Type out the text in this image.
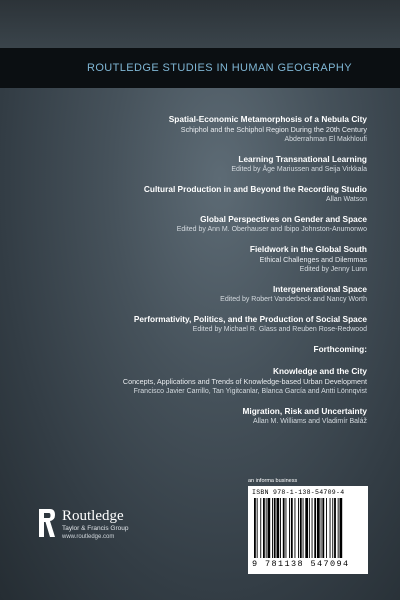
ROUTLEDGE STUDIES IN HUMAN GEOGRAPHY
Spatial-Economic Metamorphosis of a Nebula City
Schiphol and the Schiphol Region During the 20th Century
Abderrahman El Makhloufi
Learning Transnational Learning
Edited by Åge Mariussen and Seija Virkkala
Cultural Production in and Beyond the Recording Studio
Allan Watson
Global Perspectives on Gender and Space
Edited by Ann M. Oberhauser and Ibipo Johnston-Anumonwo
Fieldwork in the Global South
Ethical Challenges and Dilemmas
Edited by Jenny Lunn
Intergenerational Space
Edited by Robert Vanderbeck and Nancy Worth
Performativity, Politics, and the Production of Social Space
Edited by Michael R. Glass and Reuben Rose-Redwood
Forthcoming:
Knowledge and the City
Concepts, Applications and Trends of Knowledge-based Urban Development
Francisco Javier Carrillo, Tan Yigitcanlar, Blanca García and Antti Lönnqvist
Migration, Risk and Uncertainty
Allan M. Williams and Vladimír Baláž
Routledge
Taylor & Francis Group
www.routledge.com
an informa business
ISBN 978-1-138-54709-4
9 781138 547094
